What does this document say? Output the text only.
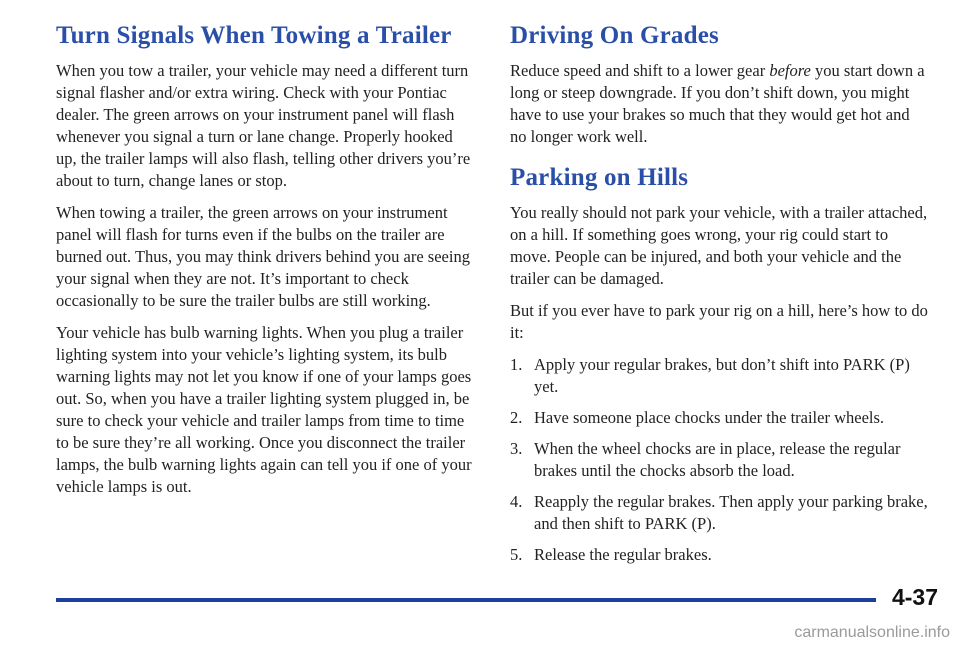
Turn Signals When Towing a Trailer

When you tow a trailer, your vehicle may need a different turn signal flasher and/or extra wiring. Check with your Pontiac dealer. The green arrows on your instrument panel will flash whenever you signal a turn or lane change. Properly hooked up, the trailer lamps will also flash, telling other drivers you’re about to turn, change lanes or stop.

When towing a trailer, the green arrows on your instrument panel will flash for turns even if the bulbs on the trailer are burned out. Thus, you may think drivers behind you are seeing your signal when they are not. It’s important to check occasionally to be sure the trailer bulbs are still working.

Your vehicle has bulb warning lights. When you plug a trailer lighting system into your vehicle’s lighting system, its bulb warning lights may not let you know if one of your lamps goes out. So, when you have a trailer lighting system plugged in, be sure to check your vehicle and trailer lamps from time to time to be sure they’re all working. Once you disconnect the trailer lamps, the bulb warning lights again can tell you if one of your vehicle lamps is out.

Driving On Grades

Reduce speed and shift to a lower gear before you start down a long or steep downgrade. If you don’t shift down, you might have to use your brakes so much that they would get hot and no longer work well.

Parking on Hills

You really should not park your vehicle, with a trailer attached, on a hill. If something goes wrong, your rig could start to move. People can be injured, and both your vehicle and the trailer can be damaged.

But if you ever have to park your rig on a hill, here’s how to do it:

1. Apply your regular brakes, but don’t shift into PARK (P) yet.
2. Have someone place chocks under the trailer wheels.
3. When the wheel chocks are in place, release the regular brakes until the chocks absorb the load.
4. Reapply the regular brakes. Then apply your parking brake, and then shift to PARK (P).
5. Release the regular brakes.
4-37
carmanualsonline.info
